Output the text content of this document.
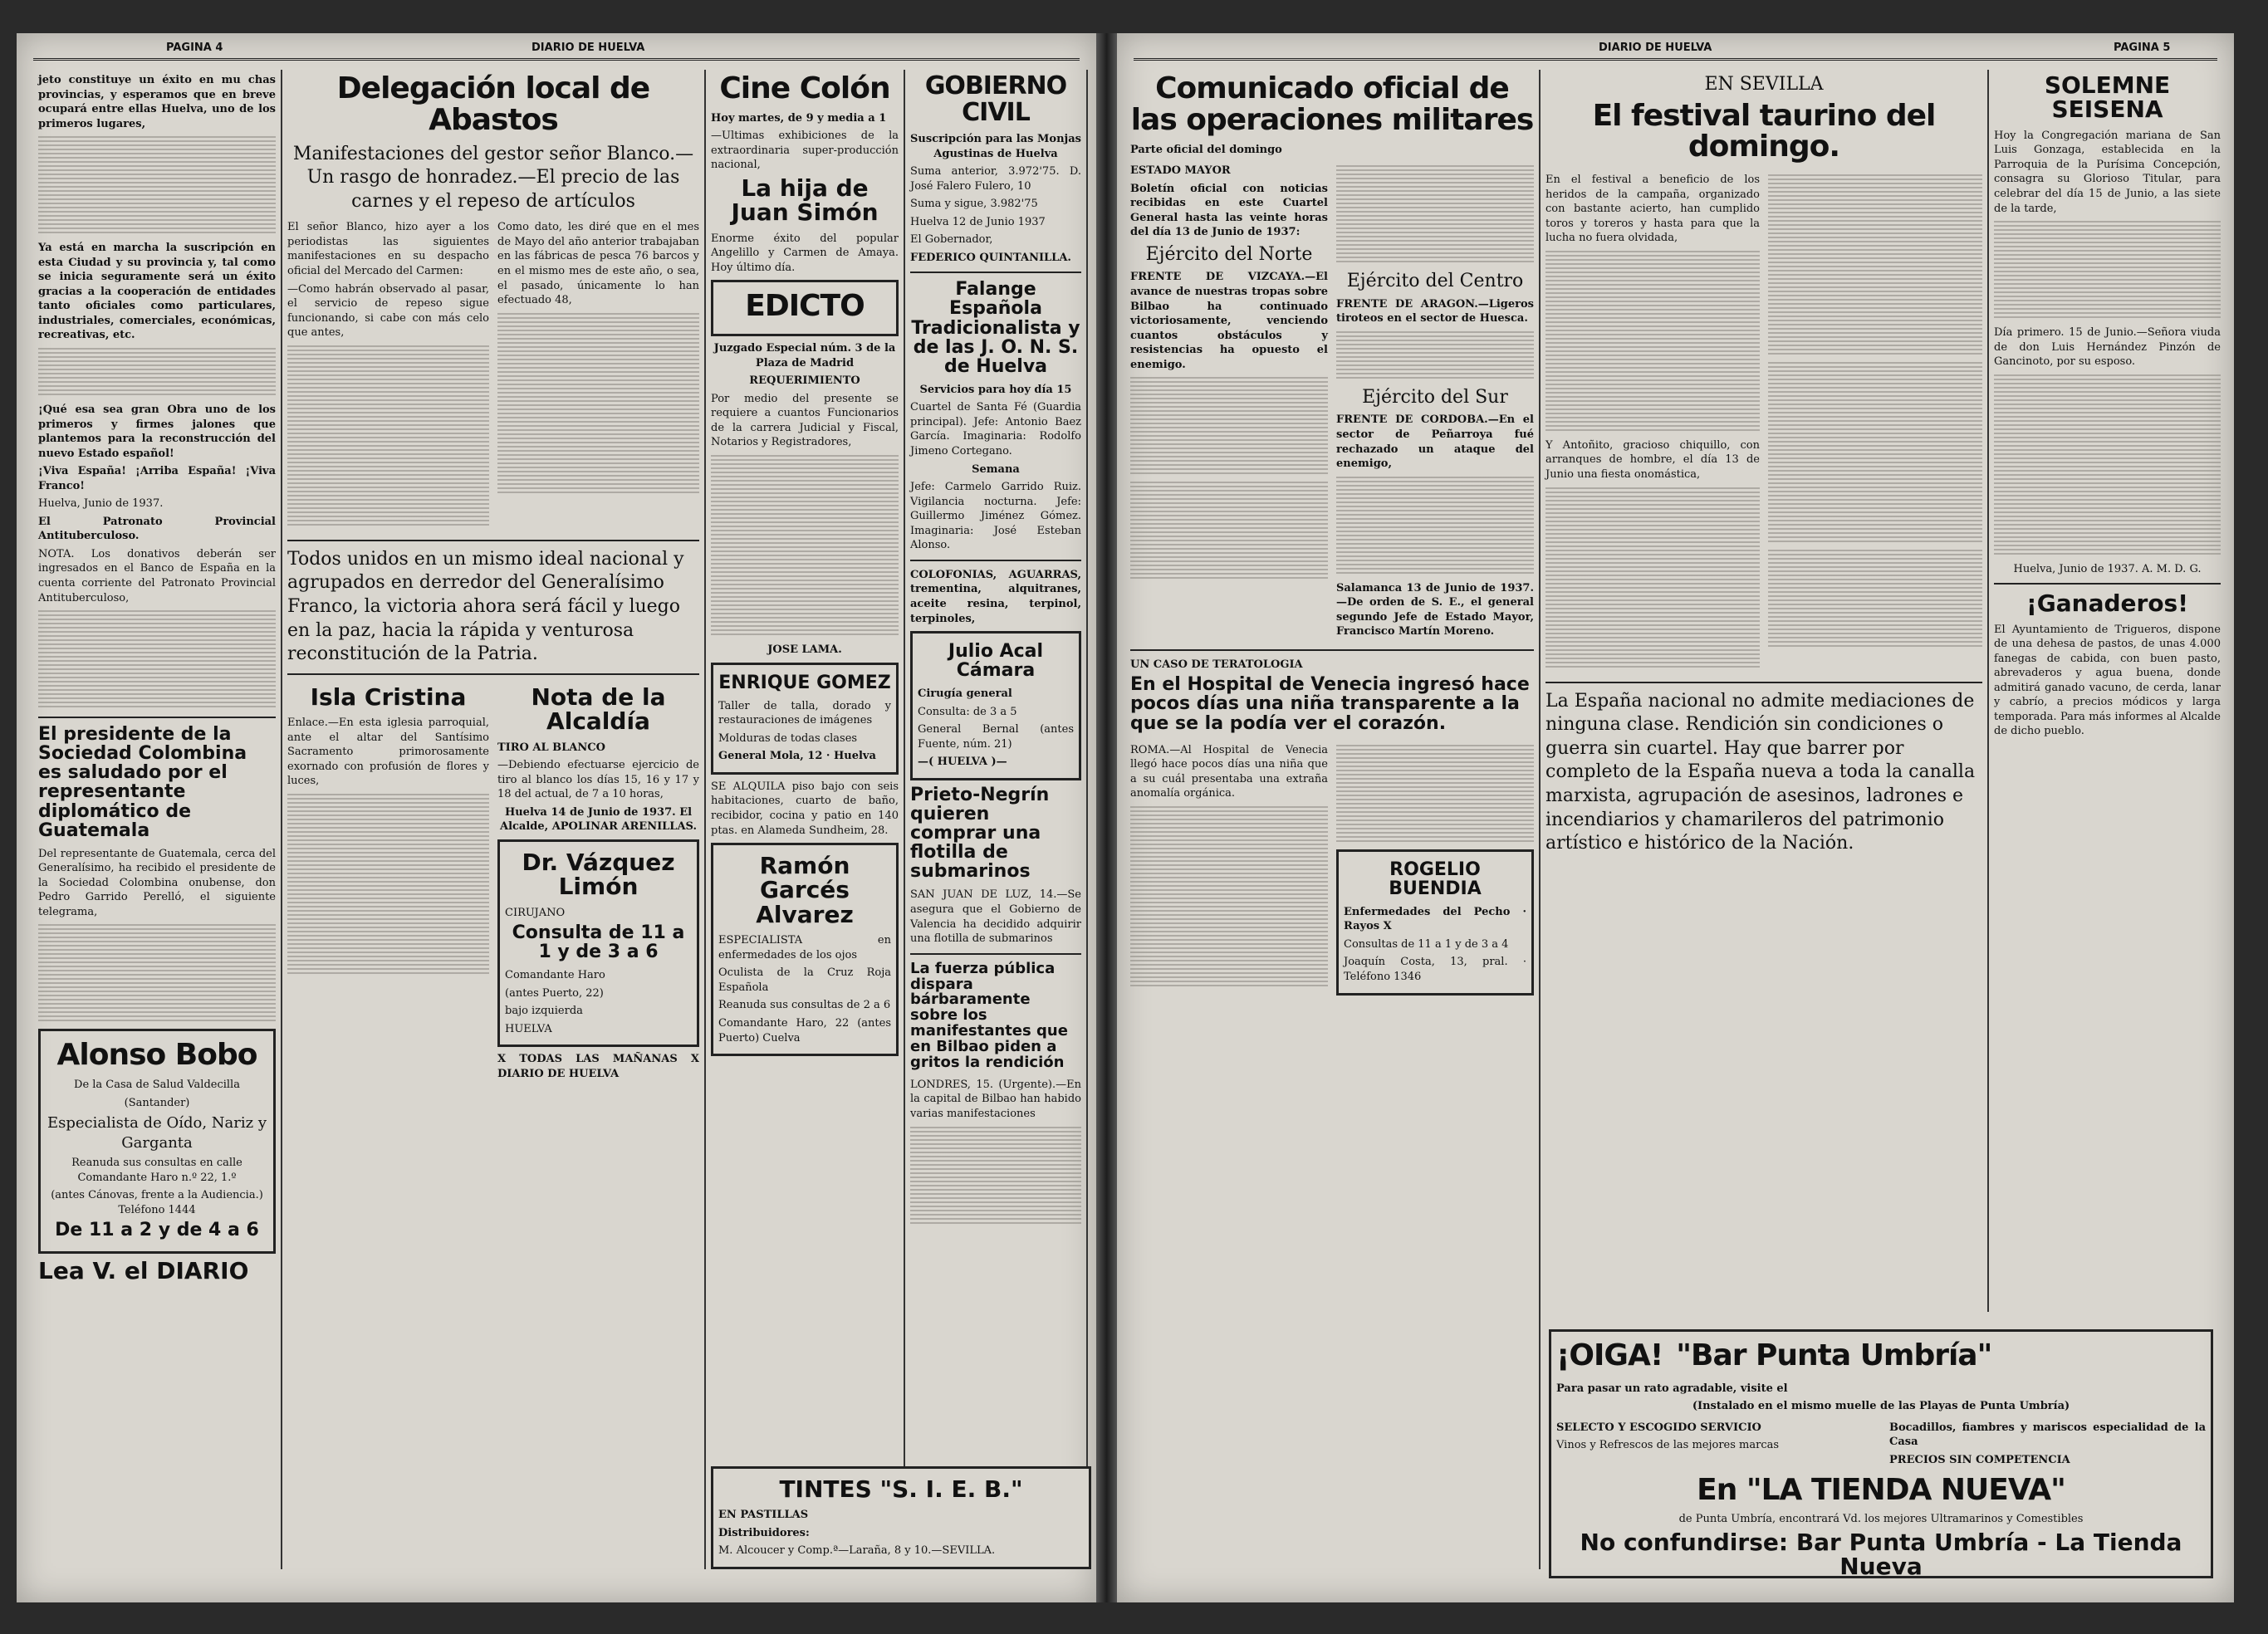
PAGINA 4	DIARIO DE HUELVA
jeto constituye un éxito en mu chas provincias, y esperamos que en breve ocupará entre ellas Huelva, uno de los primeros lugares,
Ya está en marcha la suscripción en esta Ciudad y su provincia y, tal como se inicia seguramente será un éxito gracias a la cooperación de entidades tanto oficiales como particulares, industriales, comerciales, económicas, recreativas, etc.
¡Qué esa sea gran Obra uno de los primeros y firmes jalones que plantemos para la reconstrucción del nuevo Estado español!
¡Viva España! ¡Arriba España! ¡Viva Franco!
Huelva, Junio de 1937.
El Patronato Provincial Antituberculoso.
NOTA. Los donativos deberán ser ingresados en el Banco de España en la cuenta corriente del Patronato Provincial Antituberculoso,
El presidente de la Sociedad Colombina es saludado por el representante diplomático de Guatemala
Del representante de Guatemala, cerca del Generalísimo, ha recibido el presidente de la Sociedad Colombina onubense, don Pedro Garrido Perelló, el siguiente telegrama,
Alonso Bobo
De la Casa de Salud Valdecilla
(Santander)
Especialista de Oído, Nariz y Garganta
Reanuda sus consultas en calle Comandante Haro n.º 22, 1.º
(antes Cánovas, frente a la Audiencia.) Teléfono 1444
De 11 a 2 y de 4 a 6
Lea V. el DIARIO
Delegación local de Abastos
Manifestaciones del gestor señor Blanco.— Un rasgo de honradez.—El precio de las carnes y el repeso de artículos
El señor Blanco, hizo ayer a los periodistas las siguientes manifestaciones en su despacho oficial del Mercado del Carmen:
—Como habrán observado al pasar, el servicio de repeso sigue funcionando, si cabe con más celo que antes,
Como dato, les diré que en el mes de Mayo del año anterior trabajaban en las fábricas de pesca 76 barcos y en el mismo mes de este año, o sea, el pasado, únicamente lo han efectuado 48,
Todos unidos en un mismo ideal nacional y agrupados en derredor del Generalísimo Franco, la victoria ahora será fácil y luego en la paz, hacia la rápida y venturosa reconstitución de la Patria.
Isla Cristina
Enlace.—En esta iglesia parroquial, ante el altar del Santísimo Sacramento primorosamente exornado con profusión de flores y luces,
Nota de la Alcaldía
TIRO AL BLANCO
—Debiendo efectuarse ejercicio de tiro al blanco los días 15, 16 y 17 y 18 del actual, de 7 a 10 horas,
Huelva 14 de Junio de 1937. El Alcalde, APOLINAR ARENILLAS.
Dr. Vázquez Limón
CIRUJANO
Consulta de 11 a 1 y de 3 a 6
Comandante Haro
(antes Puerto, 22)
bajo izquierda
HUELVA
X TODAS LAS MAÑANAS X DIARIO DE HUELVA
Cine Colón
Hoy martes, de 9 y media a 1
—Ultimas exhibiciones de la extraordinaria super-producción nacional,
La hija de Juan Simón
Enorme éxito del popular Angelillo y Carmen de Amaya. Hoy último día.
EDICTO
Juzgado Especial núm. 3 de la Plaza de Madrid
REQUERIMIENTO
Por medio del presente se requiere a cuantos Funcionarios de la carrera Judicial y Fiscal, Notarios y Registradores,
JOSE LAMA.
ENRIQUE GOMEZ
Taller de talla, dorado y restauraciones de imágenes
Molduras de todas clases
General Mola, 12 · Huelva
SE ALQUILA piso bajo con seis habitaciones, cuarto de baño, recibidor, cocina y patio en 140 ptas. en Alameda Sundheim, 28.
Ramón Garcés Alvarez
ESPECIALISTA en enfermedades de los ojos
Oculista de la Cruz Roja Española
Reanuda sus consultas de 2 a 6
Comandante Haro, 22 (antes Puerto) Cuelva
GOBIERNO CIVIL
Suscripción para las Monjas Agustinas de Huelva
Suma anterior, 3.972'75. D. José Falero Fulero, 10
Suma y sigue, 3.982'75
Huelva 12 de Junio 1937
El Gobernador,
FEDERICO QUINTANILLA.
Falange Española Tradicionalista y de las J. O. N. S. de Huelva
Servicios para hoy día 15
Cuartel de Santa Fé (Guardia principal). Jefe: Antonio Baez García. Imaginaria: Rodolfo Jimeno Cortegano.
Semana
Jefe: Carmelo Garrido Ruiz. Vigilancia nocturna. Jefe: Guillermo Jiménez Gómez. Imaginaria: José Esteban Alonso.
COLOFONIAS, AGUARRAS, trementina, alquitranes, aceite resina, terpinol, terpinoles,
Julio Acal Cámara
Cirugía general
Consulta: de 3 a 5
General Bernal (antes Fuente, núm. 21)
—( HUELVA )—
Prieto-Negrín quieren comprar una flotilla de submarinos
SAN JUAN DE LUZ, 14.—Se asegura que el Gobierno de Valencia ha decidido adquirir una flotilla de submarinos
La fuerza pública dispara bárbaramente sobre los manifestantes que en Bilbao piden a gritos la rendición
LONDRES, 15. (Urgente).—En la capital de Bilbao han habido varias manifestaciones
TINTES "S. I. E. B."
EN PASTILLAS
Distribuidores:
M. Alcoucer y Comp.ª—Laraña, 8 y 10.—SEVILLA.
DIARIO DE HUELVA	PAGINA 5
Comunicado oficial de las operaciones militares
Parte oficial del domingo
ESTADO MAYOR
Boletín oficial con noticias recibidas en este Cuartel General hasta las veinte horas del día 13 de Junio de 1937:
Ejército del Norte
FRENTE DE VIZCAYA.—El avance de nuestras tropas sobre Bilbao ha continuado victoriosamente, venciendo cuantos obstáculos y resistencias ha opuesto el enemigo.
Ejército del Centro
FRENTE DE ARAGON.—Ligeros tiroteos en el sector de Huesca.
Ejército del Sur
FRENTE DE CORDOBA.—En el sector de Peñarroya fué rechazado un ataque del enemigo,
Salamanca 13 de Junio de 1937.—De orden de S. E., el general segundo Jefe de Estado Mayor, Francisco Martín Moreno.
UN CASO DE TERATOLOGIA
En el Hospital de Venecia ingresó hace pocos días una niña transparente a la que se la podía ver el corazón.
ROMA.—Al Hospital de Venecia llegó hace pocos días una niña que a su cuál presentaba una extraña anomalía orgánica.
ROGELIO BUENDIA
Enfermedades del Pecho · Rayos X
Consultas de 11 a 1 y de 3 a 4
Joaquín Costa, 13, pral. · Teléfono 1346
EN SEVILLA
El festival taurino del domingo.
En el festival a beneficio de los heridos de la campaña, organizado con bastante acierto, han cumplido toros y toreros y hasta para que la lucha no fuera olvidada,
Y Antoñito, gracioso chiquillo, con arranques de hombre, el día 13 de Junio una fiesta onomástica,
La España nacional no admite mediaciones de ninguna clase. Rendición sin condiciones o guerra sin cuartel. Hay que barrer por completo de la España nueva a toda la canalla marxista, agrupación de asesinos, ladrones e incendiarios y chamarileros del patrimonio artístico e histórico de la Nación.
SOLEMNE SEISENA
Hoy la Congregación mariana de San Luis Gonzaga, establecida en la Parroquia de la Purísima Concepción, consagra su Glorioso Titular, para celebrar del día 15 de Junio, a las siete de la tarde,
Día primero. 15 de Junio.—Señora viuda de don Luis Hernández Pinzón de Gancinoto, por su esposo.
Huelva, Junio de 1937. A. M. D. G.
¡Ganaderos!
El Ayuntamiento de Trigueros, dispone de una dehesa de pastos, de unas 4.000 fanegas de cabida, con buen pasto, abrevaderos y agua buena, donde admitirá ganado vacuno, de cerda, lanar y cabrío, a precios módicos y larga temporada. Para más informes al Alcalde de dicho pueblo.
¡OIGA! "Bar Punta Umbría"
Para pasar un rato agradable, visite el
(Instalado en el mismo muelle de las Playas de Punta Umbría)
SELECTO Y ESCOGIDO SERVICIO
Vinos y Refrescos de las mejores marcas
Bocadillos, fiambres y mariscos especialidad de la Casa
PRECIOS SIN COMPETENCIA
En "LA TIENDA NUEVA"
de Punta Umbría, encontrará Vd. los mejores Ultramarinos y Comestibles
No confundirse: Bar Punta Umbría - La Tienda Nueva
